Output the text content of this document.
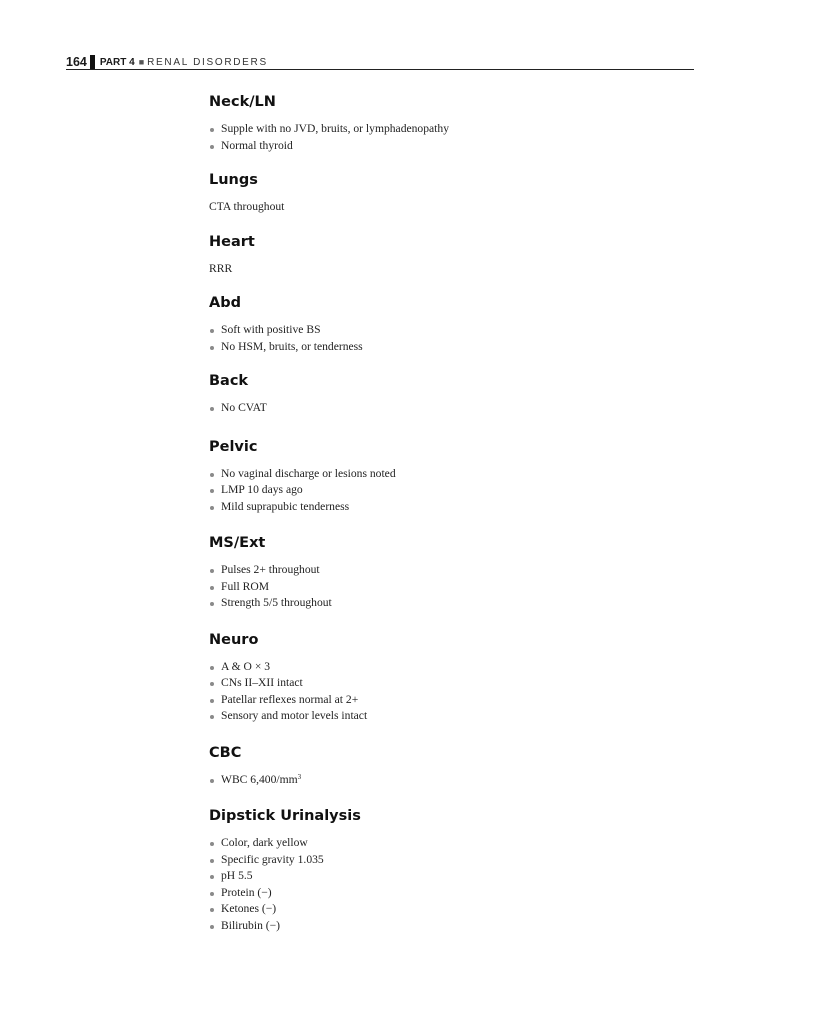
164 PART 4 ■ RENAL DISORDERS
Neck/LN
Supple with no JVD, bruits, or lymphadenopathy
Normal thyroid
Lungs

CTA throughout

Heart

RRR

Abd
Soft with positive BS
No HSM, bruits, or tenderness
Back
No CVAT
Pelvic
No vaginal discharge or lesions noted
LMP 10 days ago
Mild suprapubic tenderness
MS/Ext
Pulses 2+ throughout
Full ROM
Strength 5/5 throughout
Neuro
A & O × 3
CNs II–XII intact
Patellar reflexes normal at 2+
Sensory and motor levels intact
CBC
WBC $6,400/mm^3$
Dipstick Urinalysis
Color, dark yellow
Specific gravity 1.035
pH 5.5
Protein (−)
Ketones (−)
Bilirubin (−)
